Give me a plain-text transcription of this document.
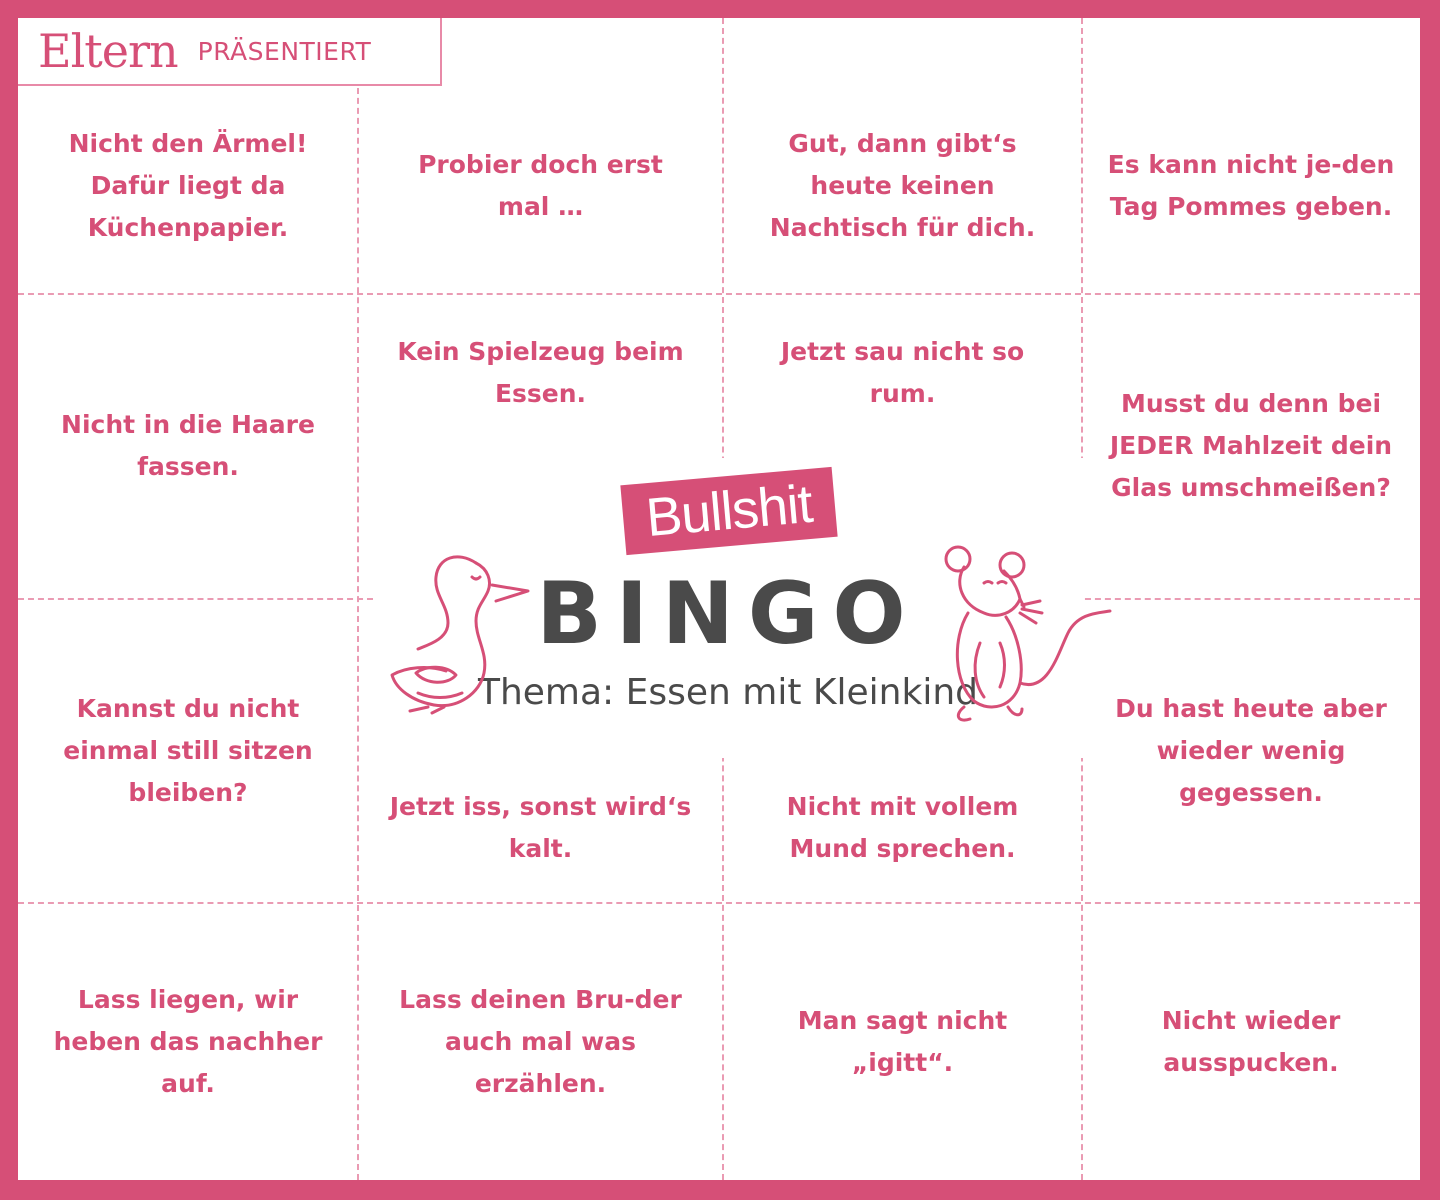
Nicht den Ärmel! Dafür liegt da Küchenpapier.
Probier doch erst mal …
Gut, dann gibt‘s heute keinen Nachtisch für dich.
Es kann nicht je-den Tag Pommes geben.
Nicht in die Haare fassen.
Kein Spielzeug beim Essen.
Jetzt sau nicht so rum.	Musst du denn bei JEDER Mahlzeit dein Glas umschmeißen?
Kannst du nicht einmal still sitzen bleiben?	Jetzt iss, sonst wird‘s kalt.
Nicht mit vollem Mund sprechen.
Du hast heute aber wieder wenig gegessen.
Lass liegen, wir heben das nachher auf.
Lass deinen Bru-der auch mal was erzählen.
Man sagt nicht „igitt“.
Nicht wieder ausspucken.
Eltern PRÄSENTIERT
Bullshit
BINGO
Thema: Essen mit Kleinkind
